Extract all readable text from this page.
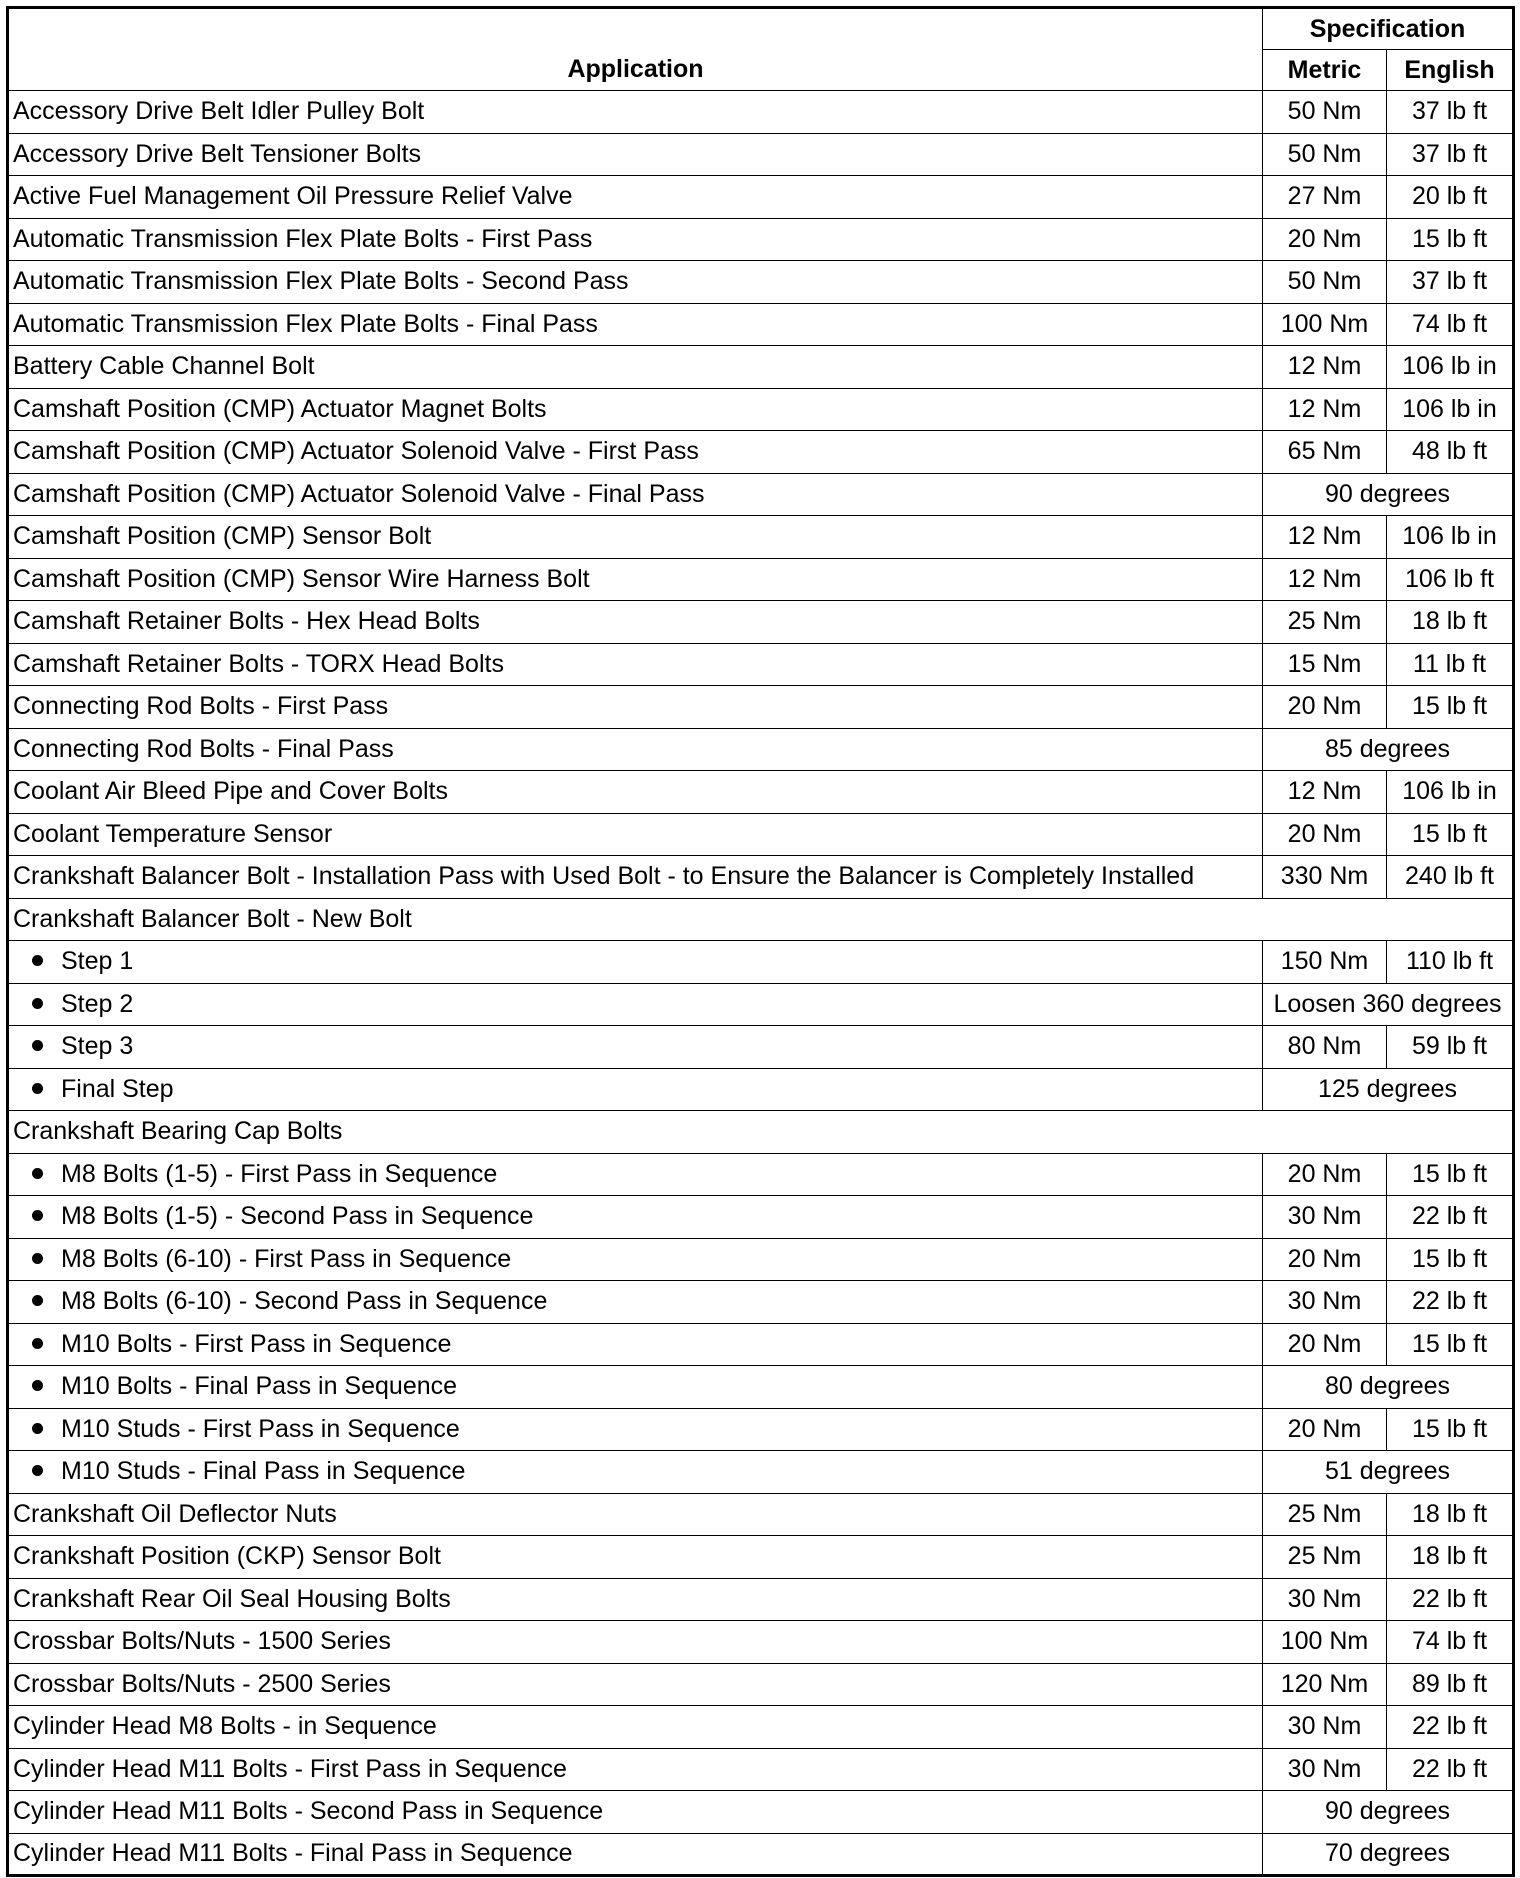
Application	Specification	
	Metric	English
Accessory Drive Belt Idler Pulley Bolt	50 Nm	37 lb ft
Accessory Drive Belt Tensioner Bolts	50 Nm	37 lb ft
Active Fuel Management Oil Pressure Relief Valve	27 Nm	20 lb ft
Automatic Transmission Flex Plate Bolts - First Pass	20 Nm	15 lb ft
Automatic Transmission Flex Plate Bolts - Second Pass	50 Nm	37 lb ft
Automatic Transmission Flex Plate Bolts - Final Pass	100 Nm	74 lb ft
Battery Cable Channel Bolt	12 Nm	106 lb in
Camshaft Position (CMP) Actuator Magnet Bolts	12 Nm	106 lb in
Camshaft Position (CMP) Actuator Solenoid Valve - First Pass	65 Nm	48 lb ft
Camshaft Position (CMP) Actuator Solenoid Valve - Final Pass	90 degrees	
Camshaft Position (CMP) Sensor Bolt	12 Nm	106 lb in
Camshaft Position (CMP) Sensor Wire Harness Bolt	12 Nm	106 lb ft
Camshaft Retainer Bolts - Hex Head Bolts	25 Nm	18 lb ft
Camshaft Retainer Bolts - TORX Head Bolts	15 Nm	11 lb ft
Connecting Rod Bolts - First Pass	20 Nm	15 lb ft
Connecting Rod Bolts - Final Pass	85 degrees	
Coolant Air Bleed Pipe and Cover Bolts	12 Nm	106 lb in
Coolant Temperature Sensor	20 Nm	15 lb ft
Crankshaft Balancer Bolt - Installation Pass with Used Bolt - to Ensure the Balancer is Completely Installed	330 Nm	240 lb ft
Crankshaft Balancer Bolt - New Bolt		
Step 1	150 Nm	110 lb ft
Step 2	Loosen 360 degrees	
Step 3	80 Nm	59 lb ft
Final Step	125 degrees	
Crankshaft Bearing Cap Bolts		
M8 Bolts (1-5) - First Pass in Sequence	20 Nm	15 lb ft
M8 Bolts (1-5) - Second Pass in Sequence	30 Nm	22 lb ft
M8 Bolts (6-10) - First Pass in Sequence	20 Nm	15 lb ft
M8 Bolts (6-10) - Second Pass in Sequence	30 Nm	22 lb ft
M10 Bolts - First Pass in Sequence	20 Nm	15 lb ft
M10 Bolts - Final Pass in Sequence	80 degrees	
M10 Studs - First Pass in Sequence	20 Nm	15 lb ft
M10 Studs - Final Pass in Sequence	51 degrees	
Crankshaft Oil Deflector Nuts	25 Nm	18 lb ft
Crankshaft Position (CKP) Sensor Bolt	25 Nm	18 lb ft
Crankshaft Rear Oil Seal Housing Bolts	30 Nm	22 lb ft
Crossbar Bolts/Nuts - 1500 Series	100 Nm	74 lb ft
Crossbar Bolts/Nuts - 2500 Series	120 Nm	89 lb ft
Cylinder Head M8 Bolts - in Sequence	30 Nm	22 lb ft
Cylinder Head M11 Bolts - First Pass in Sequence	30 Nm	22 lb ft
Cylinder Head M11 Bolts - Second Pass in Sequence	90 degrees	
Cylinder Head M11 Bolts - Final Pass in Sequence	70 degrees	
